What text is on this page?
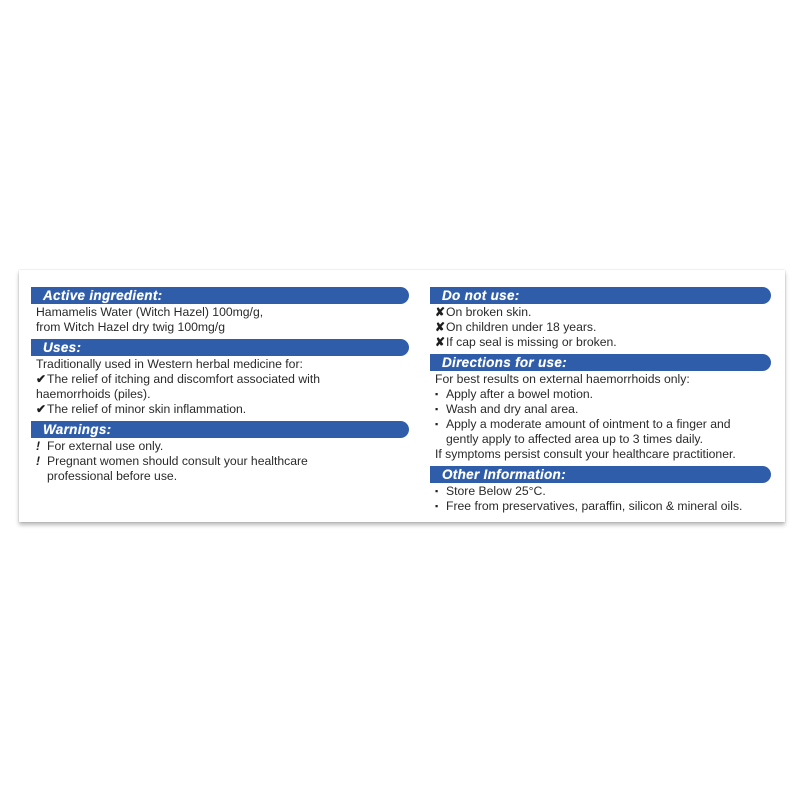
Active ingredient:
Hamamelis Water (Witch Hazel) 100mg/g,
from Witch Hazel dry twig 100mg/g
Uses:
Traditionally used in Western herbal medicine for:
✔The relief of itching and discomfort associated with
haemorrhoids (piles).
✔The relief of minor skin inflammation.
Warnings:
! For external use only.
! Pregnant women should consult your healthcare
professional before use.
Do not use:
✘On broken skin.
✘On children under 18 years.
✘If cap seal is missing or broken.
Directions for use:
For best results on external haemorrhoids only:
▪ Apply after a bowel motion.
▪ Wash and dry anal area.
▪ Apply a moderate amount of ointment to a finger and
gently apply to affected area up to 3 times daily.
If symptoms persist consult your healthcare practitioner.
Other Information:
▪ Store Below 25°C.
▪ Free from preservatives, paraffin, silicon & mineral oils.
